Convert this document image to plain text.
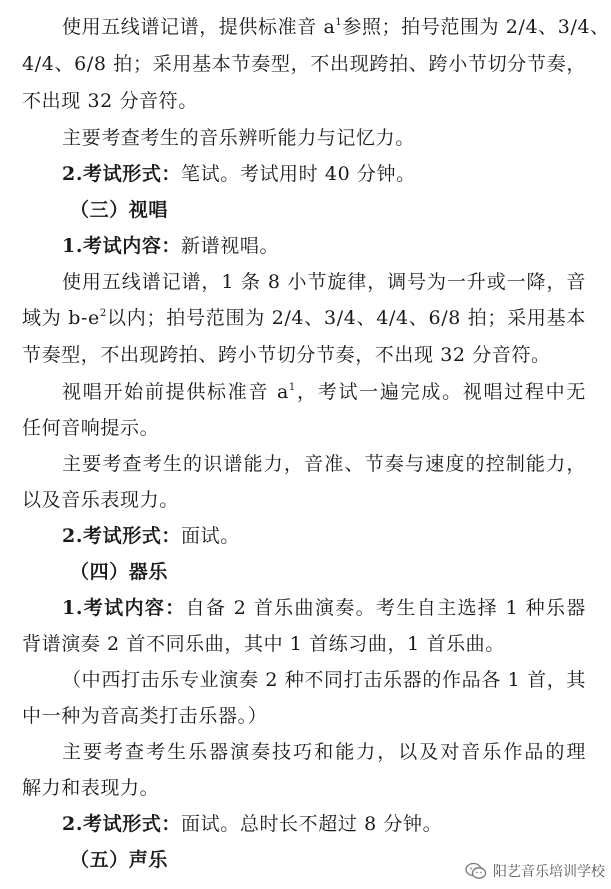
使用五线谱记谱，提供标准音 $a^1$参照；拍号范围为 2/4、3/4、
4/4、6/8 拍；采用基本节奏型，不出现跨拍、跨小节切分节奏，
不出现 32 分音符。
主要考查考生的音乐辨听能力与记忆力。
2.考试形式：笔试。考试用时 40 分钟。
（三）视唱
1.考试内容：新谱视唱。
使用五线谱记谱，1 条 8 小节旋律，调号为一升或一降，音
域为 $b-e^2$以内；拍号范围为 2/4、3/4、4/4、6/8 拍；采用基本
节奏型，不出现跨拍、跨小节切分节奏，不出现 32 分音符。
视唱开始前提供标准音 $a^1$，考试一遍完成。视唱过程中无
任何音响提示。
主要考查考生的识谱能力，音准、节奏与速度的控制能力，
以及音乐表现力。
2.考试形式：面试。
（四）器乐
1.考试内容：自备 2 首乐曲演奏。考生自主选择 1 种乐器
背谱演奏 2 首不同乐曲，其中 1 首练习曲，1 首乐曲。
（中西打击乐专业演奏 2 种不同打击乐器的作品各 1 首，其
中一种为音高类打击乐器。）
主要考查考生乐器演奏技巧和能力，以及对音乐作品的理
解力和表现力。
2.考试形式：面试。总时长不超过 8 分钟。
（五）声乐
阳艺音乐培训学校
